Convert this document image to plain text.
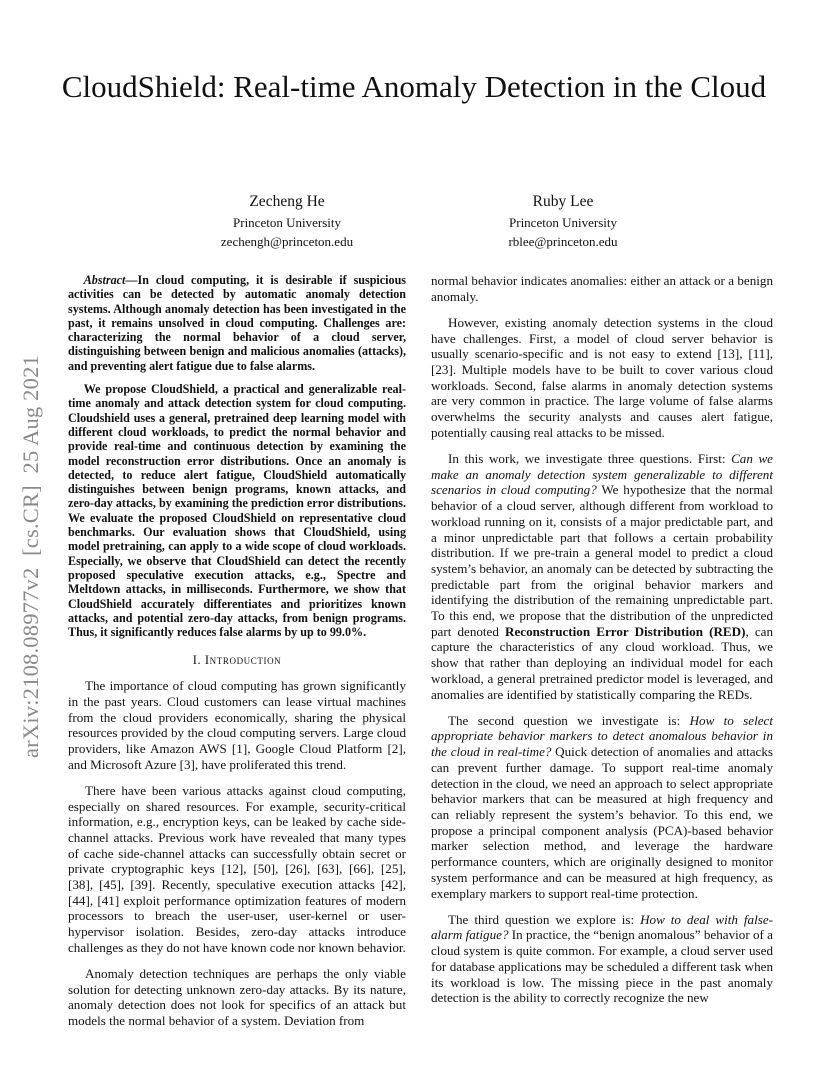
arXiv:2108.08977v2  [cs.CR]  25 Aug 2021
CloudShield: Real-time Anomaly Detection in the Cloud
Zecheng He
Princeton University
zechengh@princeton.edu
Ruby Lee
Princeton University
rblee@princeton.edu

Abstract—In cloud computing, it is desirable if suspicious activities can be detected by automatic anomaly detection systems. Although anomaly detection has been investigated in the past, it remains unsolved in cloud computing. Challenges are: characterizing the normal behavior of a cloud server, distinguishing between benign and malicious anomalies (attacks), and preventing alert fatigue due to false alarms.

We propose CloudShield, a practical and generalizable real-time anomaly and attack detection system for cloud computing. Cloudshield uses a general, pretrained deep learning model with different cloud workloads, to predict the normal behavior and provide real-time and continuous detection by examining the model reconstruction error distributions. Once an anomaly is detected, to reduce alert fatigue, CloudShield automatically distinguishes between benign programs, known attacks, and zero-day attacks, by examining the prediction error distributions. We evaluate the proposed CloudShield on representative cloud benchmarks. Our evaluation shows that CloudShield, using model pretraining, can apply to a wide scope of cloud workloads. Especially, we observe that CloudShield can detect the recently proposed speculative execution attacks, e.g., Spectre and Meltdown attacks, in milliseconds. Furthermore, we show that CloudShield accurately differentiates and prioritizes known attacks, and potential zero-day attacks, from benign programs. Thus, it significantly reduces false alarms by up to 99.0%.

I. Introduction

The importance of cloud computing has grown significantly in the past years. Cloud customers can lease virtual machines from the cloud providers economically, sharing the physical resources provided by the cloud computing servers. Large cloud providers, like Amazon AWS [1], Google Cloud Platform [2], and Microsoft Azure [3], have proliferated this trend.

There have been various attacks against cloud computing, especially on shared resources. For example, security-critical information, e.g., encryption keys, can be leaked by cache side-channel attacks. Previous work have revealed that many types of cache side-channel attacks can successfully obtain secret or private cryptographic keys [12], [50], [26], [63], [66], [25], [38], [45], [39]. Recently, speculative execution attacks [42], [44], [41] exploit performance optimization features of modern processors to breach the user-user, user-kernel or user-hypervisor isolation. Besides, zero-day attacks introduce challenges as they do not have known code nor known behavior.

Anomaly detection techniques are perhaps the only viable solution for detecting unknown zero-day attacks. By its nature, anomaly detection does not look for specifics of an attack but models the normal behavior of a system. Deviation from

normal behavior indicates anomalies: either an attack or a benign anomaly.

However, existing anomaly detection systems in the cloud have challenges. First, a model of cloud server behavior is usually scenario-specific and is not easy to extend [13], [11], [23]. Multiple models have to be built to cover various cloud workloads. Second, false alarms in anomaly detection systems are very common in practice. The large volume of false alarms overwhelms the security analysts and causes alert fatigue, potentially causing real attacks to be missed.

In this work, we investigate three questions. First: Can we make an anomaly detection system generalizable to different scenarios in cloud computing? We hypothesize that the normal behavior of a cloud server, although different from workload to workload running on it, consists of a major predictable part, and a minor unpredictable part that follows a certain probability distribution. If we pre-train a general model to predict a cloud system’s behavior, an anomaly can be detected by subtracting the predictable part from the original behavior markers and identifying the distribution of the remaining unpredictable part. To this end, we propose that the distribution of the unpredicted part denoted Reconstruction Error Distribution (RED), can capture the characteristics of any cloud workload. Thus, we show that rather than deploying an individual model for each workload, a general pretrained predictor model is leveraged, and anomalies are identified by statistically comparing the REDs.

The second question we investigate is: How to select appropriate behavior markers to detect anomalous behavior in the cloud in real-time? Quick detection of anomalies and attacks can prevent further damage. To support real-time anomaly detection in the cloud, we need an approach to select appropriate behavior markers that can be measured at high frequency and can reliably represent the system’s behavior. To this end, we propose a principal component analysis (PCA)-based behavior marker selection method, and leverage the hardware performance counters, which are originally designed to monitor system performance and can be measured at high frequency, as exemplary markers to support real-time protection.

The third question we explore is: How to deal with false-alarm fatigue? In practice, the “benign anomalous” behavior of a cloud system is quite common. For example, a cloud server used for database applications may be scheduled a different task when its workload is low. The missing piece in the past anomaly detection is the ability to correctly recognize the new
